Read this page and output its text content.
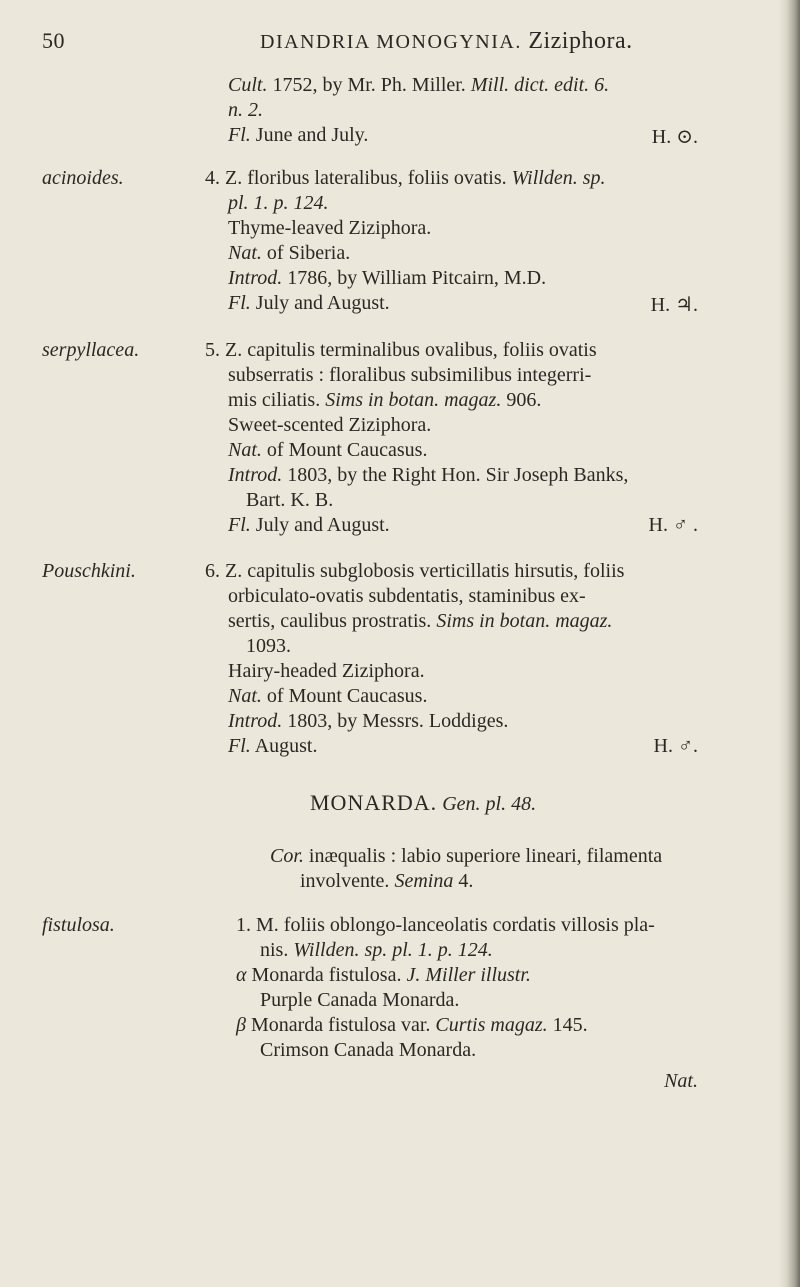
50	DIANDRIA MONOGYNIA. Ziziphora.
Cult. 1752, by Mr. Ph. Miller. Mill. dict. edit. 6.
n. 2.
Fl. June and July.	H. ⊙.
acinoides.	4. Z. floribus lateralibus, foliis ovatis. Willden. sp.
pl. 1. p. 124.
Thyme-leaved Ziziphora.
Nat. of Siberia.
Introd. 1786, by William Pitcairn, M.D.
Fl. July and August.	H. ♃.
serpyllacea.	5. Z. capitulis terminalibus ovalibus, foliis ovatis
subserratis : floralibus subsimilibus integerri-
mis ciliatis. Sims in botan. magaz. 906.
Sweet-scented Ziziphora.
Nat. of Mount Caucasus.
Introd. 1803, by the Right Hon. Sir Joseph Banks,
Bart. K. B.
Fl. July and August.	H. ♂ .
Pouschkini.	6. Z. capitulis subglobosis verticillatis hirsutis, foliis
orbiculato-ovatis subdentatis, staminibus ex-
sertis, caulibus prostratis. Sims in botan. magaz.
1093.
Hairy-headed Ziziphora.
Nat. of Mount Caucasus.
Introd. 1803, by Messrs. Loddiges.
Fl. August.	H. ♂.
MONARDA. Gen. pl. 48.
Cor. inæqualis : labio superiore lineari, filamenta
involvente. Semina 4.
fistulosa.	1. M. foliis oblongo-lanceolatis cordatis villosis pla-
nis. Willden. sp. pl. 1. p. 124.
α Monarda fistulosa. J. Miller illustr.
Purple Canada Monarda.
β Monarda fistulosa var. Curtis magaz. 145.
Crimson Canada Monarda.
Nat.
